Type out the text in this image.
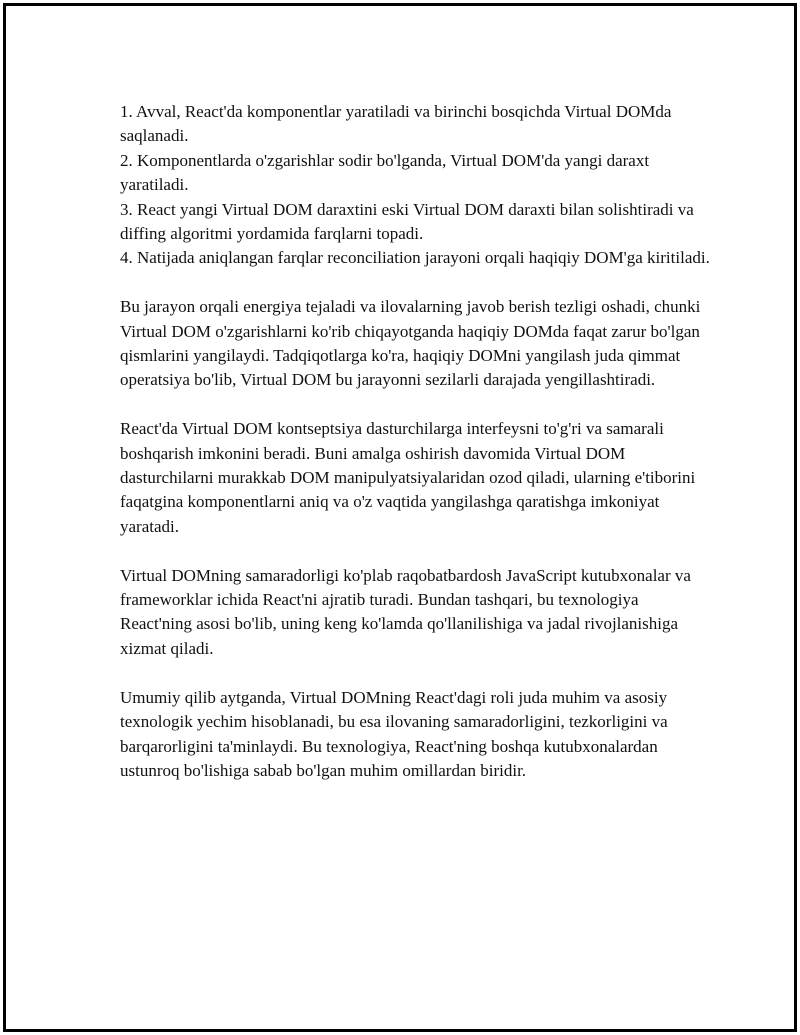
1. Avval, React'da komponentlar yaratiladi va birinchi bosqichda Virtual DOMda saqlanadi.

2. Komponentlarda o'zgarishlar sodir bo'lganda, Virtual DOM'da yangi daraxt yaratiladi.

3. React yangi Virtual DOM daraxtini eski Virtual DOM daraxti bilan solishtiradi va diffing algoritmi yordamida farqlarni topadi.

4. Natijada aniqlangan farqlar reconciliation jarayoni orqali haqiqiy DOM'ga kiritiladi.

Bu jarayon orqali energiya tejaladi va ilovalarning javob berish tezligi oshadi, chunki Virtual DOM o'zgarishlarni ko'rib chiqayotganda haqiqiy DOMda faqat zarur bo'lgan qismlarini yangilaydi. Tadqiqotlarga ko'ra, haqiqiy DOMni yangilash juda qimmat operatsiya bo'lib, Virtual DOM bu jarayonni sezilarli darajada yengillashtiradi.

React'da Virtual DOM kontseptsiya dasturchilarga interfeysni to'g'ri va samarali boshqarish imkonini beradi. Buni amalga oshirish davomida Virtual DOM dasturchilarni murakkab DOM manipulyatsiyalaridan ozod qiladi, ularning e'tiborini faqatgina komponentlarni aniq va o'z vaqtida yangilashga qaratishga imkoniyat yaratadi.

Virtual DOMning samaradorligi ko'plab raqobatbardosh JavaScript kutubxonalar va frameworklar ichida React'ni ajratib turadi. Bundan tashqari, bu texnologiya React'ning asosi bo'lib, uning keng ko'lamda qo'llanilishiga va jadal rivojlanishiga xizmat qiladi.

Umumiy qilib aytganda, Virtual DOMning React'dagi roli juda muhim va asosiy texnologik yechim hisoblanadi, bu esa ilovaning samaradorligini, tezkorligini va barqarorligini ta'minlaydi. Bu texnologiya, React'ning boshqa kutubxonalardan ustunroq bo'lishiga sabab bo'lgan muhim omillardan biridir.
